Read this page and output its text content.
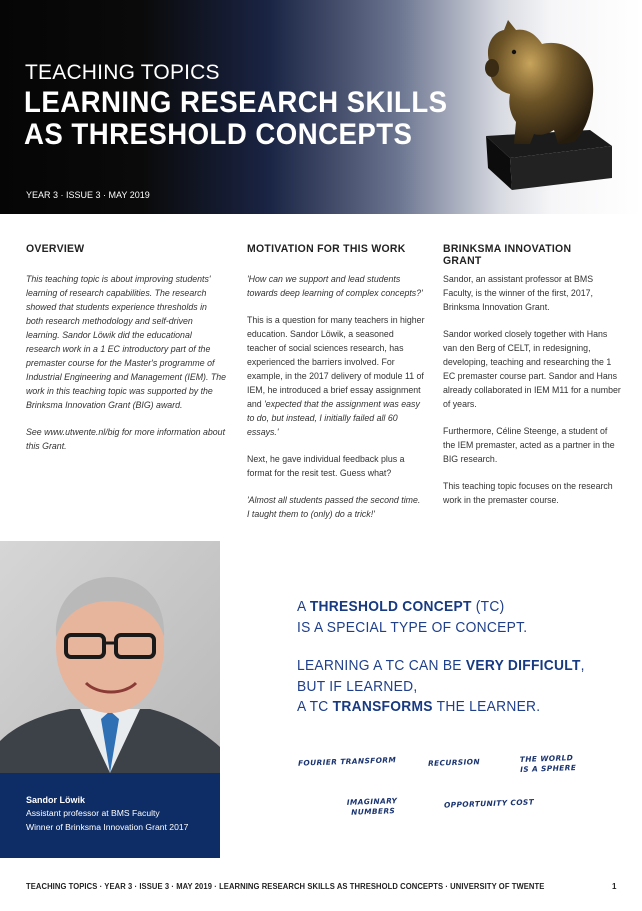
TEACHING TOPICS
LEARNING RESEARCH SKILLS
AS THRESHOLD CONCEPTS
YEAR 3 · ISSUE 3 · MAY 2019
OVERVIEW

This teaching topic is about improving students' learning of research capabilities. The research showed that students experience thresholds in both research methodology and self-driven learning. Sandor Löwik did the educational research work in a 1 EC introductory part of the premaster course for the Master's programme of Industrial Engineering and Management (IEM). The work in this teaching topic was supported by the Brinksma Innovation Grant (BIG) award.

See www.utwente.nl/big for more information about this Grant.

MOTIVATION FOR THIS WORK

'How can we support and lead students towards deep learning of complex concepts?'

This is a question for many teachers in higher education. Sandor Löwik, a seasoned teacher of social sciences research, has experienced the barriers involved. For example, in the 2017 delivery of module 11 of IEM, he introduced a brief essay assignment and 'expected that the assignment was easy to do, but instead, I initially failed all 60 essays.'

Next, he gave individual feedback plus a format for the resit test. Guess what?

'Almost all students passed the second time. I taught them to (only) do a trick!'

BRINKSMA INNOVATION GRANT

Sandor, an assistant professor at BMS Faculty, is the winner of the first, 2017, Brinksma Innovation Grant.

Sandor worked closely together with Hans van den Berg of CELT, in redesigning, developing, teaching and researching the 1 EC premaster course part. Sandor and Hans already collaborated in IEM M11 for a number of years.

Furthermore, Céline Steenge, a student of the IEM premaster, acted as a partner in the BIG research.

This teaching topic focuses on the research work in the premaster course.

Sandor Löwik
Assistant professor at BMS Faculty
Winner of Brinksma Innovation Grant 2017
A THRESHOLD CONCEPT (TC)
IS A SPECIAL TYPE OF CONCEPT.
LEARNING A TC CAN BE VERY DIFFICULT,
BUT IF LEARNED,
A TC TRANSFORMS THE LEARNER.
FOURIER TRANSFORM	RECURSION	THE WORLD
IS A SPHERE
IMAGINARY
NUMBERS
OPPORTUNITY COST
TEACHING TOPICS · YEAR 3 · ISSUE 3 · MAY 2019 · LEARNING RESEARCH SKILLS AS THRESHOLD CONCEPTS · UNIVERSITY OF TWENTE	1
